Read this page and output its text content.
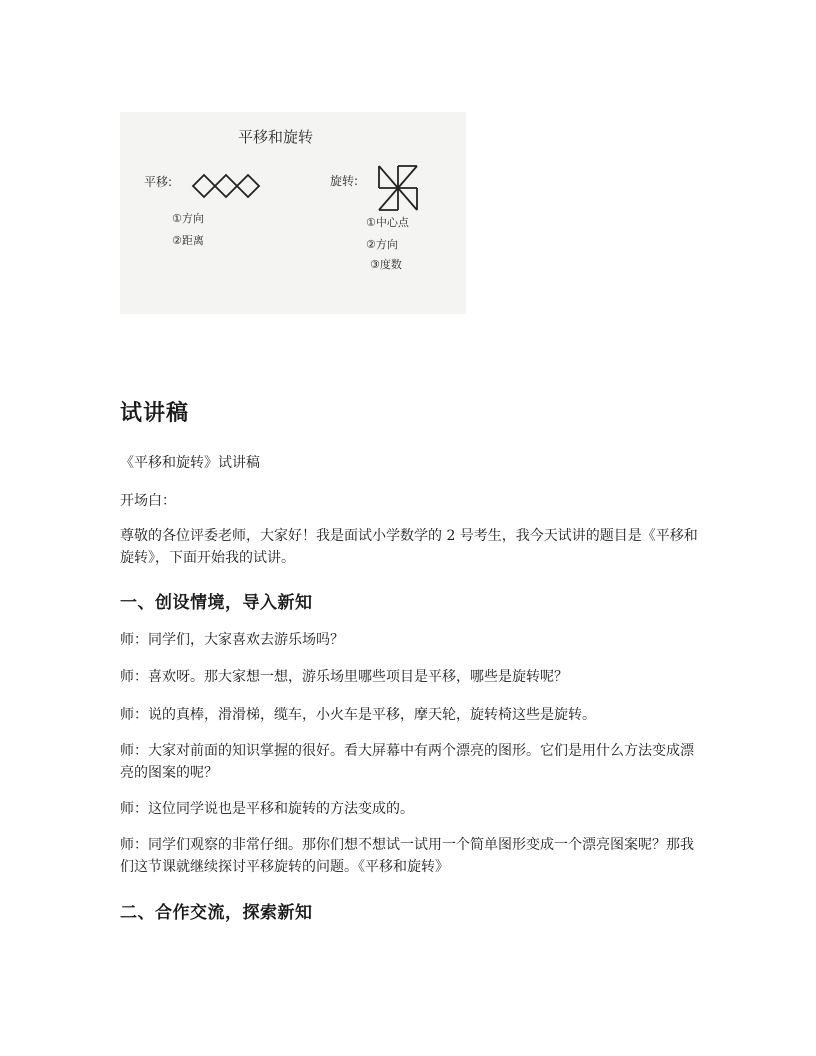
平移和旋转
平移:
①方向
②距离
旋转:
①中心点
②方向
③度数
试讲稿

《平移和旋转》试讲稿

开场白：

尊敬的各位评委老师，大家好！我是面试小学数学的 2 号考生，我今天试讲的题目是《平移和旋转》，下面开始我的试讲。

一、创设情境，导入新知

师：同学们，大家喜欢去游乐场吗？

师：喜欢呀。那大家想一想，游乐场里哪些项目是平移，哪些是旋转呢？

师：说的真棒，滑滑梯，缆车，小火车是平移，摩天轮，旋转椅这些是旋转。

师：大家对前面的知识掌握的很好。看大屏幕中有两个漂亮的图形。它们是用什么方法变成漂亮的图案的呢？

师：这位同学说也是平移和旋转的方法变成的。

师：同学们观察的非常仔细。那你们想不想试一试用一个简单图形变成一个漂亮图案呢？那我们这节课就继续探讨平移旋转的问题。《平移和旋转》

二、合作交流，探索新知
